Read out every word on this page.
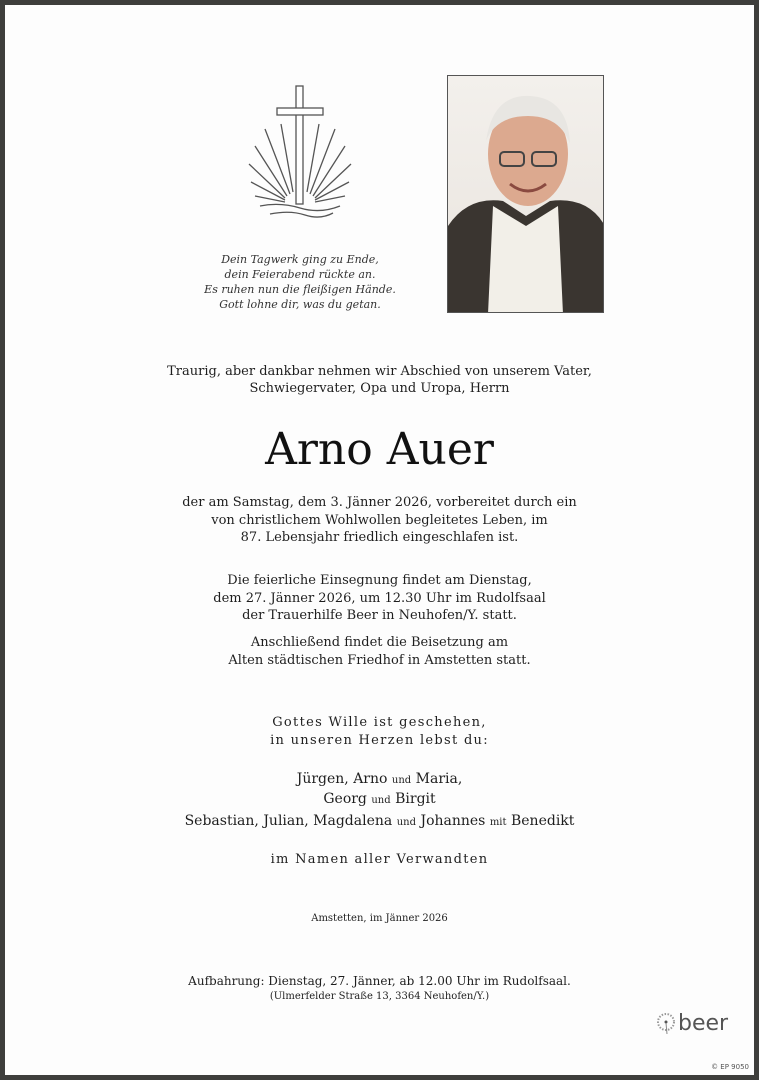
Dein Tagwerk ging zu Ende,
dein Feierabend rückte an.
Es ruhen nun die fleißigen Hände.
Gott lohne dir, was du getan.
Traurig, aber dankbar nehmen wir Abschied von unserem Vater,
Schwiegervater, Opa und Uropa, Herrn
Arno Auer
der am Samstag, dem 3. Jänner 2026, vorbereitet durch ein
von christlichem Wohlwollen begleitetes Leben, im
87. Lebensjahr friedlich eingeschlafen ist.
Die feierliche Einsegnung findet am Dienstag,
dem 27. Jänner 2026, um 12.30 Uhr im Rudolfsaal
der Trauerhilfe Beer in Neuhofen/Y. statt.
Anschließend findet die Beisetzung am
Alten städtischen Friedhof in Amstetten statt.
Gottes Wille ist geschehen,
in unseren Herzen lebst du:
Jürgen, Arno und Maria,
Georg und Birgit
Sebastian, Julian, Magdalena und Johannes mit Benedikt
im Namen aller Verwandten
Amstetten, im Jänner 2026
Aufbahrung: Dienstag, 27. Jänner, ab 12.00 Uhr im Rudolfsaal.
(Ulmerfelder Straße 13, 3364 Neuhofen/Y.)
beer
© EP 9050
